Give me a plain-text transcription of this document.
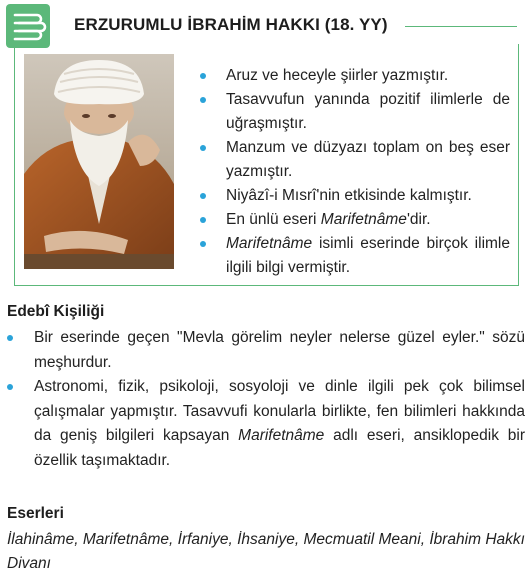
ERZURUMLU İBRAHİM HAKKI (18. YY)
Aruz ve heceyle şiirler yazmıştır.
Tasavvufun yanında pozitif ilimlerle de uğraşmıştır.
Manzum ve düzyazı toplam on beş eser yazmıştır.
Niyâzî-i Mısrî'nin etkisinde kalmıştır.
En ünlü eseri Marifetnâme'dir.
Marifetnâme isimli eserinde birçok ilimle ilgili bilgi vermiştir.
Edebî Kişiliği
Bir eserinde geçen "Mevla görelim neyler nelerse güzel eyler." sözü meşhurdur.
Astronomi, fizik, psikoloji, sosyoloji ve dinle ilgili pek çok bilimsel çalışmalar yapmıştır. Tasavvufi konularla birlikte, fen bilimleri hakkında da geniş bilgileri kapsayan Marifetnâme adlı eseri, ansiklopedik bir özellik taşımaktadır.
Eserleri
İlahinâme, Marifetnâme, İrfaniye, İhsaniye, Mecmuatil Meani, İbrahim Hakkı Divanı
